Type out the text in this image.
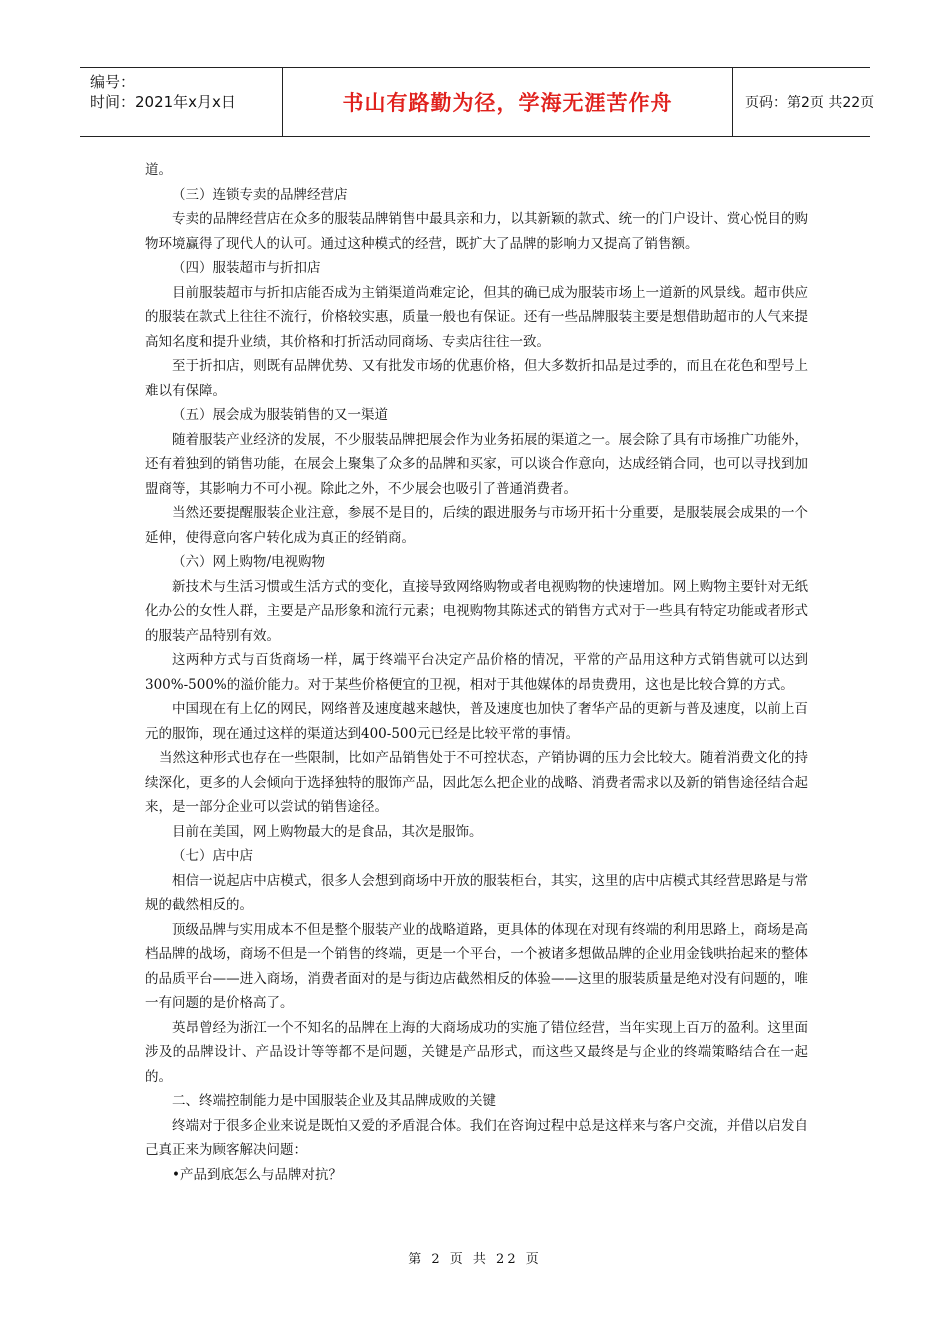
编号：
时间：2021年x月x日	书山有路勤为径，学海无涯苦作舟	页码：第2页 共22页

道。

（三）连锁专卖的品牌经营店

专卖的品牌经营店在众多的服装品牌销售中最具亲和力，以其新颖的款式、统一的门户设计、赏心悦目的购物环境赢得了现代人的认可。通过这种模式的经营，既扩大了品牌的影响力又提高了销售额。

（四）服装超市与折扣店

目前服装超市与折扣店能否成为主销渠道尚难定论，但其的确已成为服装市场上一道新的风景线。超市供应的服装在款式上往往不流行，价格较实惠，质量一般也有保证。还有一些品牌服装主要是想借助超市的人气来提高知名度和提升业绩，其价格和打折活动同商场、专卖店往往一致。

至于折扣店，则既有品牌优势、又有批发市场的优惠价格，但大多数折扣品是过季的，而且在花色和型号上难以有保障。

（五）展会成为服装销售的又一渠道

随着服装产业经济的发展，不少服装品牌把展会作为业务拓展的渠道之一。展会除了具有市场推广功能外，还有着独到的销售功能，在展会上聚集了众多的品牌和买家，可以谈合作意向，达成经销合同，也可以寻找到加盟商等，其影响力不可小视。除此之外，不少展会也吸引了普通消费者。

当然还要提醒服装企业注意，参展不是目的，后续的跟进服务与市场开拓十分重要，是服装展会成果的一个延伸，使得意向客户转化成为真正的经销商。

（六）网上购物/电视购物

新技术与生活习惯或生活方式的变化，直接导致网络购物或者电视购物的快速增加。网上购物主要针对无纸化办公的女性人群，主要是产品形象和流行元素；电视购物其陈述式的销售方式对于一些具有特定功能或者形式的服装产品特别有效。

这两种方式与百货商场一样，属于终端平台决定产品价格的情况，平常的产品用这种方式销售就可以达到300%-500%的溢价能力。对于某些价格便宜的卫视，相对于其他媒体的昂贵费用，这也是比较合算的方式。

中国现在有上亿的网民，网络普及速度越来越快，普及速度也加快了奢华产品的更新与普及速度，以前上百元的服饰，现在通过这样的渠道达到400-500元已经是比较平常的事情。

当然这种形式也存在一些限制，比如产品销售处于不可控状态，产销协调的压力会比较大。随着消费文化的持续深化，更多的人会倾向于选择独特的服饰产品，因此怎么把企业的战略、消费者需求以及新的销售途径结合起来，是一部分企业可以尝试的销售途径。

目前在美国，网上购物最大的是食品，其次是服饰。

（七）店中店

相信一说起店中店模式，很多人会想到商场中开放的服装柜台，其实，这里的店中店模式其经营思路是与常规的截然相反的。

顶级品牌与实用成本不但是整个服装产业的战略道路，更具体的体现在对现有终端的利用思路上，商场是高档品牌的战场，商场不但是一个销售的终端，更是一个平台，一个被诸多想做品牌的企业用金钱哄抬起来的整体的品质平台——进入商场，消费者面对的是与街边店截然相反的体验——这里的服装质量是绝对没有问题的，唯一有问题的是价格高了。

英昂曾经为浙江一个不知名的品牌在上海的大商场成功的实施了错位经营，当年实现上百万的盈利。这里面涉及的品牌设计、产品设计等等都不是问题，关键是产品形式，而这些又最终是与企业的终端策略结合在一起的。

二、终端控制能力是中国服装企业及其品牌成败的关键

终端对于很多企业来说是既怕又爱的矛盾混合体。我们在咨询过程中总是这样来与客户交流，并借以启发自己真正来为顾客解决问题：

•产品到底怎么与品牌对抗？

第 2 页 共 22 页
